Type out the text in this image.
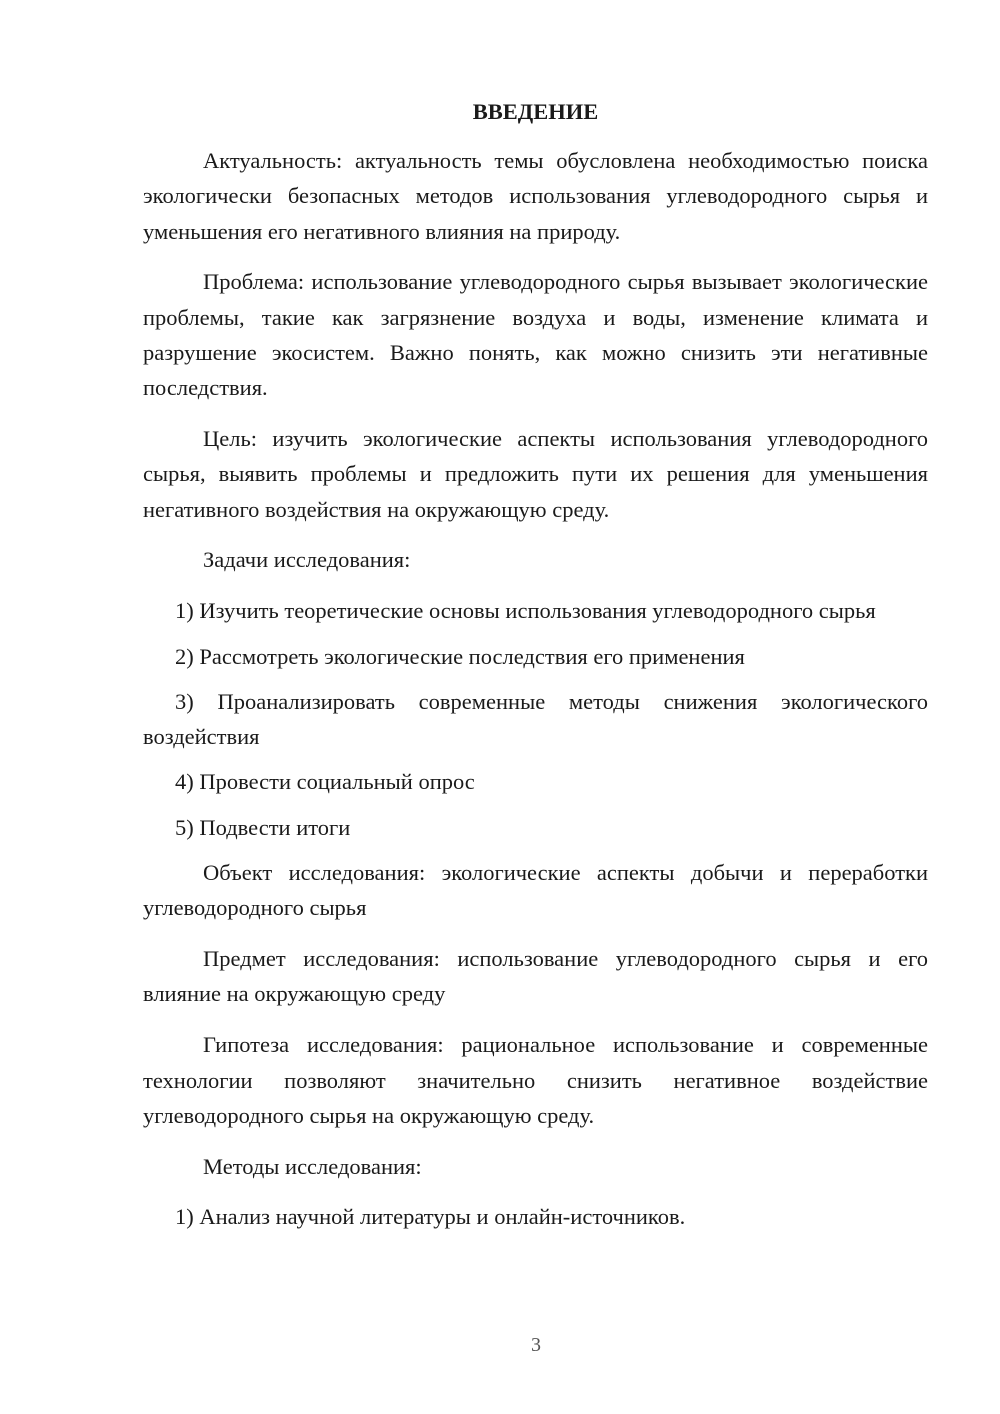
ВВЕДЕНИЕ

Актуальность: актуальность темы обусловлена необходимостью поиска экологически безопасных методов использования углеводородного сырья и уменьшения его негативного влияния на природу.

Проблема: использование углеводородного сырья вызывает экологические проблемы, такие как загрязнение воздуха и воды, изменение климата и разрушение экосистем. Важно понять, как можно снизить эти негативные последствия.

Цель: изучить экологические аспекты использования углеводородного сырья, выявить проблемы и предложить пути их решения для уменьшения негативного воздействия на окружающую среду.

Задачи исследования:

1) Изучить теоретические основы использования углеводородного сырья

2) Рассмотреть экологические последствия его применения

3) Проанализировать современные методы снижения экологического воздействия

4) Провести социальный опрос

5) Подвести итоги

Объект исследования: экологические аспекты добычи и переработки углеводородного сырья

Предмет исследования: использование углеводородного сырья и его влияние на окружающую среду

Гипотеза исследования: рациональное использование и современные технологии позволяют значительно снизить негативное воздействие углеводородного сырья на окружающую среду.

Методы исследования:

1) Анализ научной литературы и онлайн-источников.

3
